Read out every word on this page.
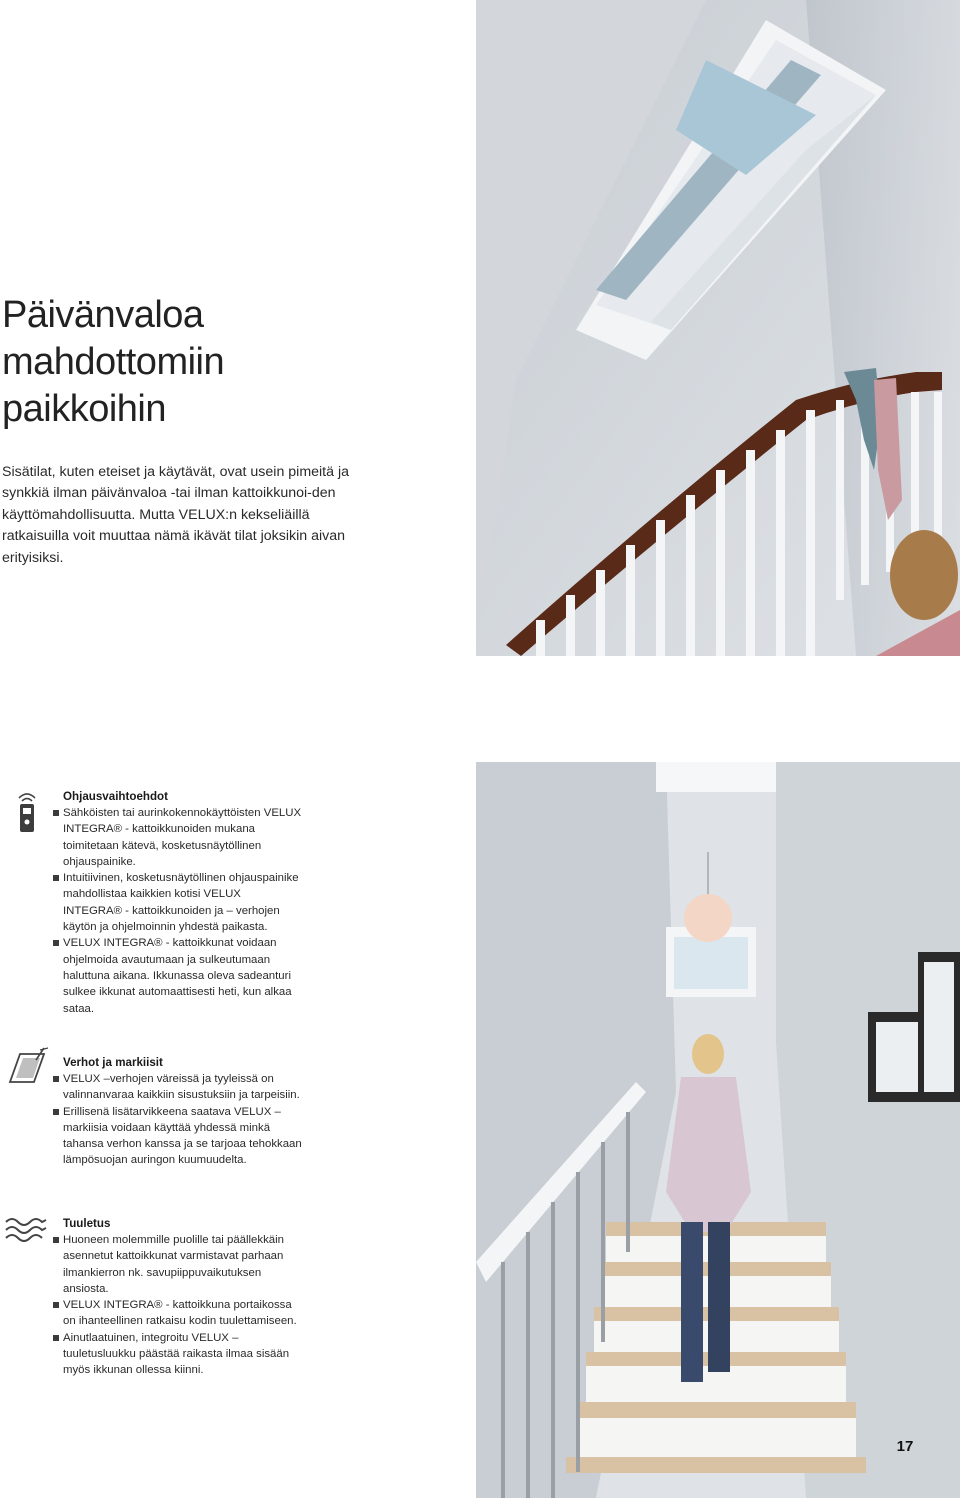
Päivänvaloa
mahdottomiin
paikkoihin

Sisätilat, kuten eteiset ja käytävät, ovat usein pimeitä ja synkkiä ilman päivänvaloa -tai ilman kattoikkunoi-den käyttömahdollisuutta. Mutta VELUX:n kekseliäillä ratkaisuilla voit muuttaa nämä ikävät tilat joksikin aivan erityisiksi.

Ohjausvaihtoehdot
Sähköisten tai aurinkokennokäyttöisten VELUX INTEGRA® - kattoikkunoiden mukana toimitetaan kätevä, kosketusnäytöllinen ohjauspainike.
Intuitiivinen, kosketusnäytöllinen ohjauspainike mahdollistaa kaikkien kotisi VELUX INTEGRA® - kattoikkunoiden ja – verhojen käytön ja ohjelmoinnin yhdestä paikasta.
VELUX INTEGRA® - kattoikkunat voidaan ohjelmoida avautumaan ja sulkeutumaan haluttuna aikana. Ikkunassa oleva sadeanturi sulkee ikkunat automaattisesti heti, kun alkaa sataa.
Verhot ja markiisit
VELUX –verhojen väreissä ja tyyleissä on valinnanvaraa kaikkiin sisustuksiin ja tarpeisiin.
Erillisenä lisätarvikkeena saatava VELUX – markiisia voidaan käyttää yhdessä minkä tahansa verhon kanssa ja se tarjoaa tehokkaan lämpösuojan auringon kuumuudelta.
Tuuletus
Huoneen molemmille puolille tai päällekkäin asennetut kattoikkunat varmistavat parhaan ilmankierron nk. savupiippuvaikutuksen ansiosta.
VELUX INTEGRA® - kattoikkuna portaikossa on ihanteellinen ratkaisu kodin tuulettamiseen.
Ainutlaatuinen, integroitu VELUX – tuuletusluukku päästää raikasta ilmaa sisään myös ikkunan ollessa kiinni.
17
